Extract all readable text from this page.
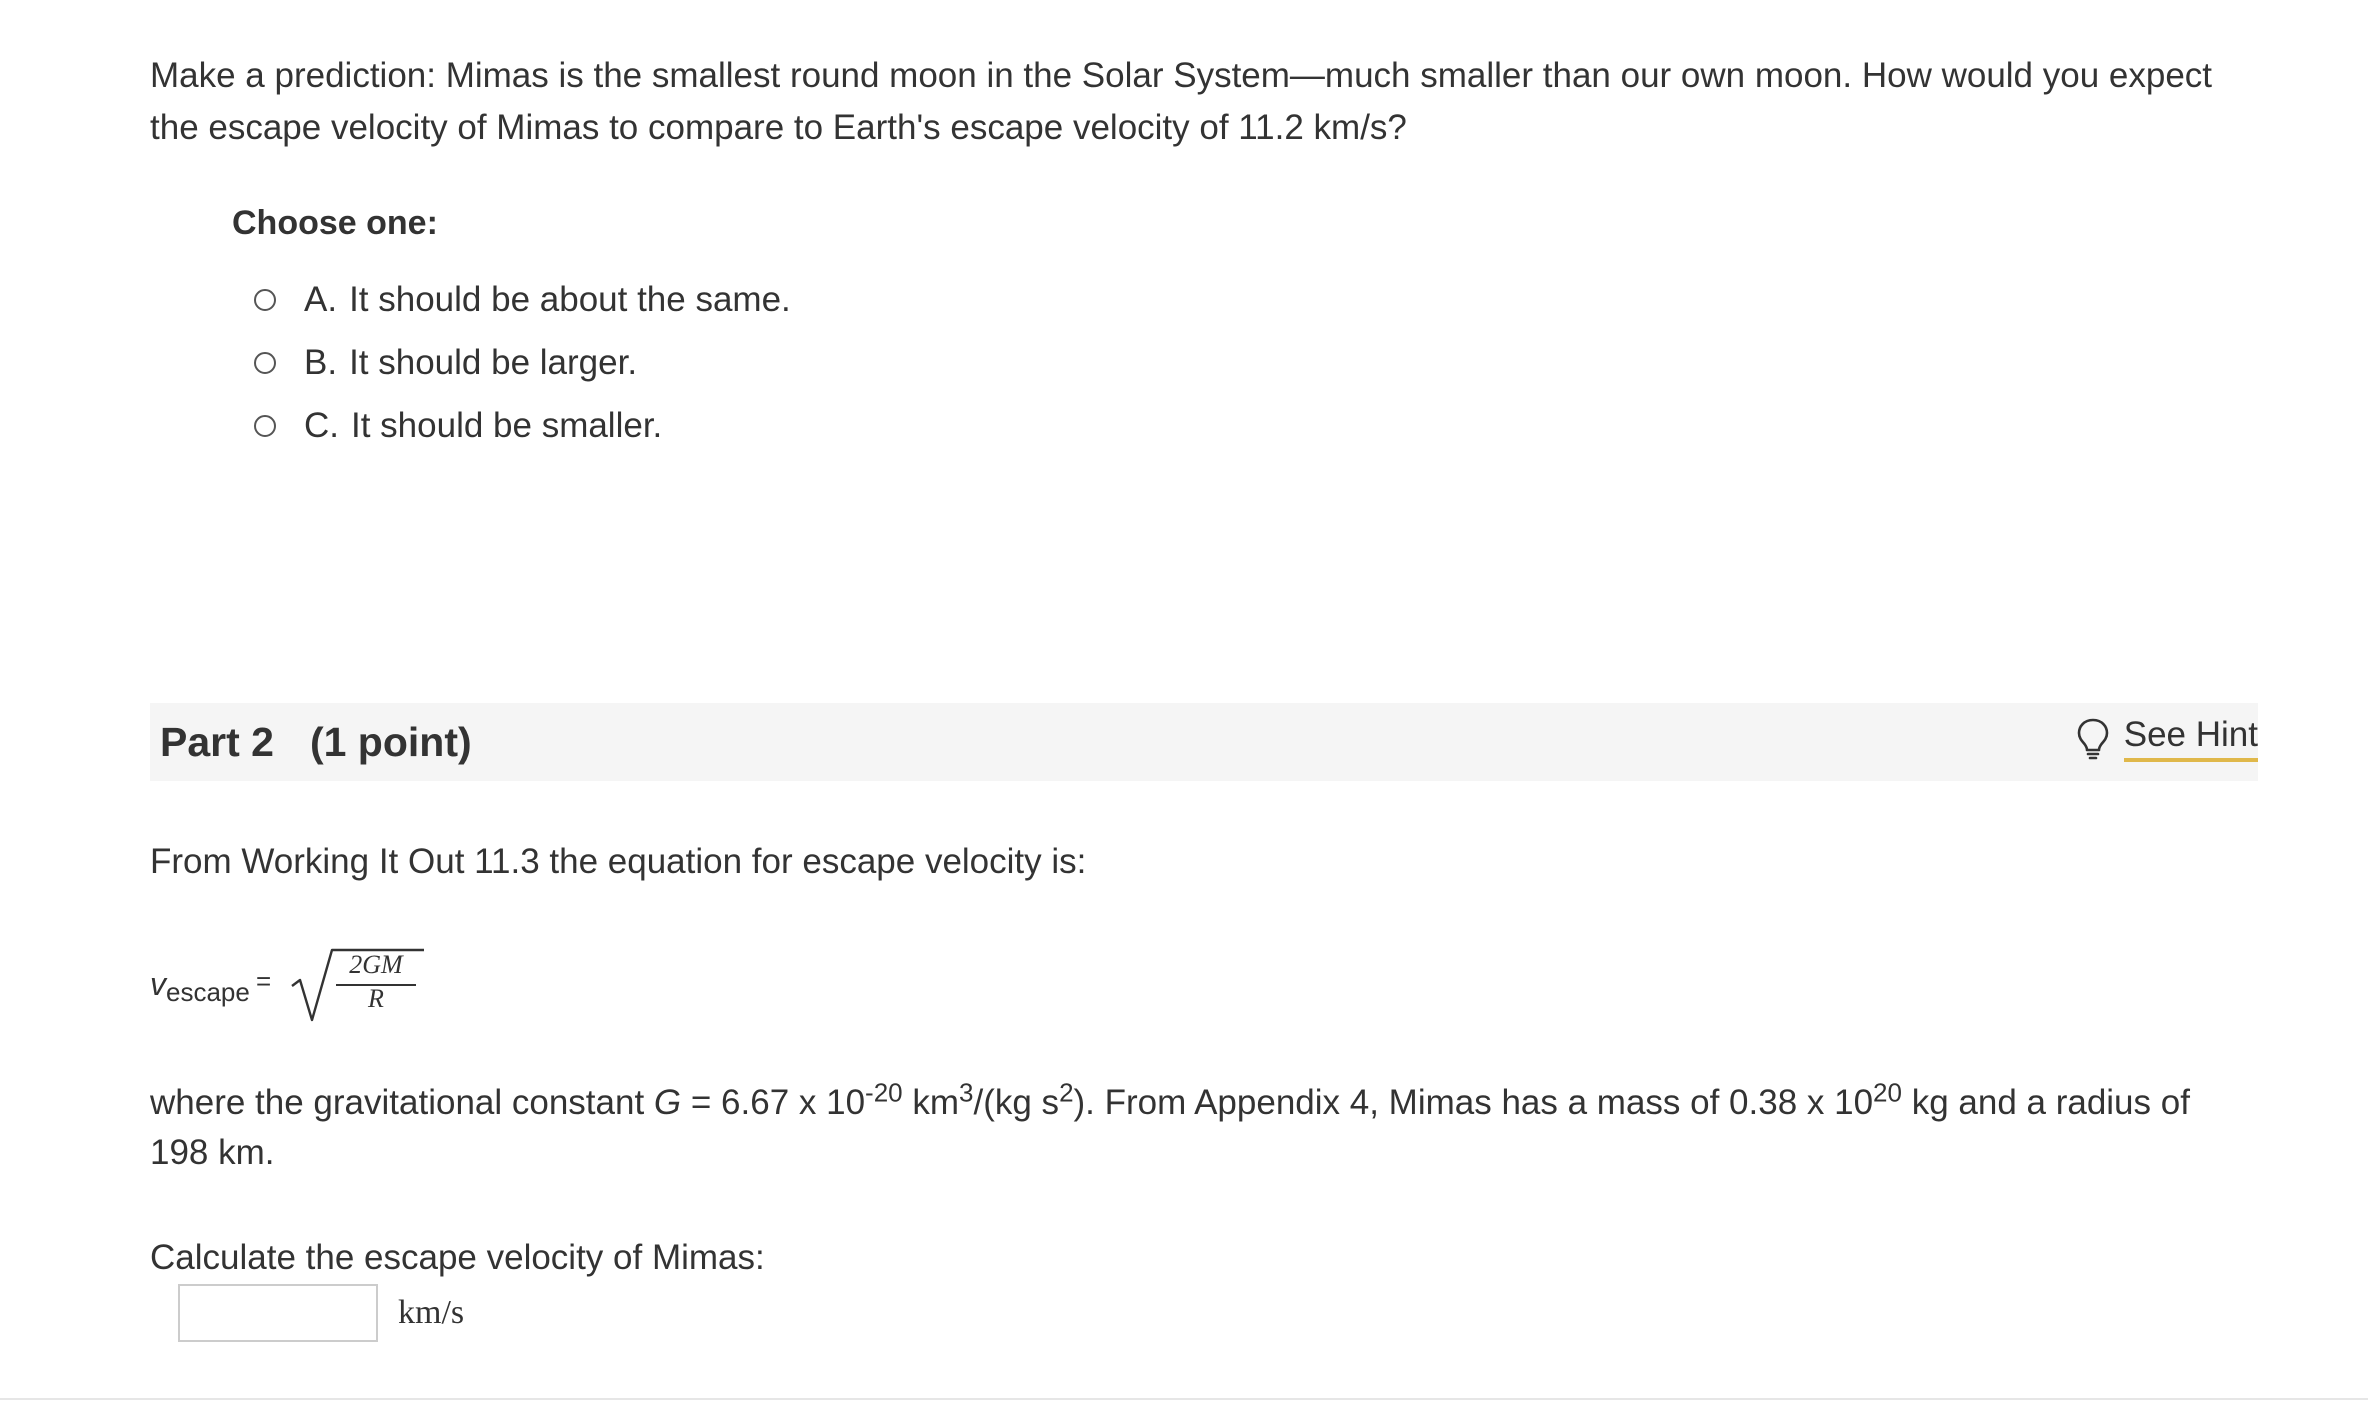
Make a prediction: Mimas is the smallest round moon in the Solar System—much smaller than our own moon. How would you expect the escape velocity of Mimas to compare to Earth's escape velocity of 11.2 km/s?
Choose one:
A. It should be about the same.
B. It should be larger.
C. It should be smaller.
Part 2 (1 point)	See Hint
From Working It Out 11.3 the equation for escape velocity is:
vescape =
2GM
R
where the gravitational constant G = 6.67 x $10^{-20}$ $km^3/(kg$ $s^2$). From Appendix 4, Mimas has a mass of 0.38 x $10^{20}$ kg and a radius of 198 km.
Calculate the escape velocity of Mimas:
km/s
